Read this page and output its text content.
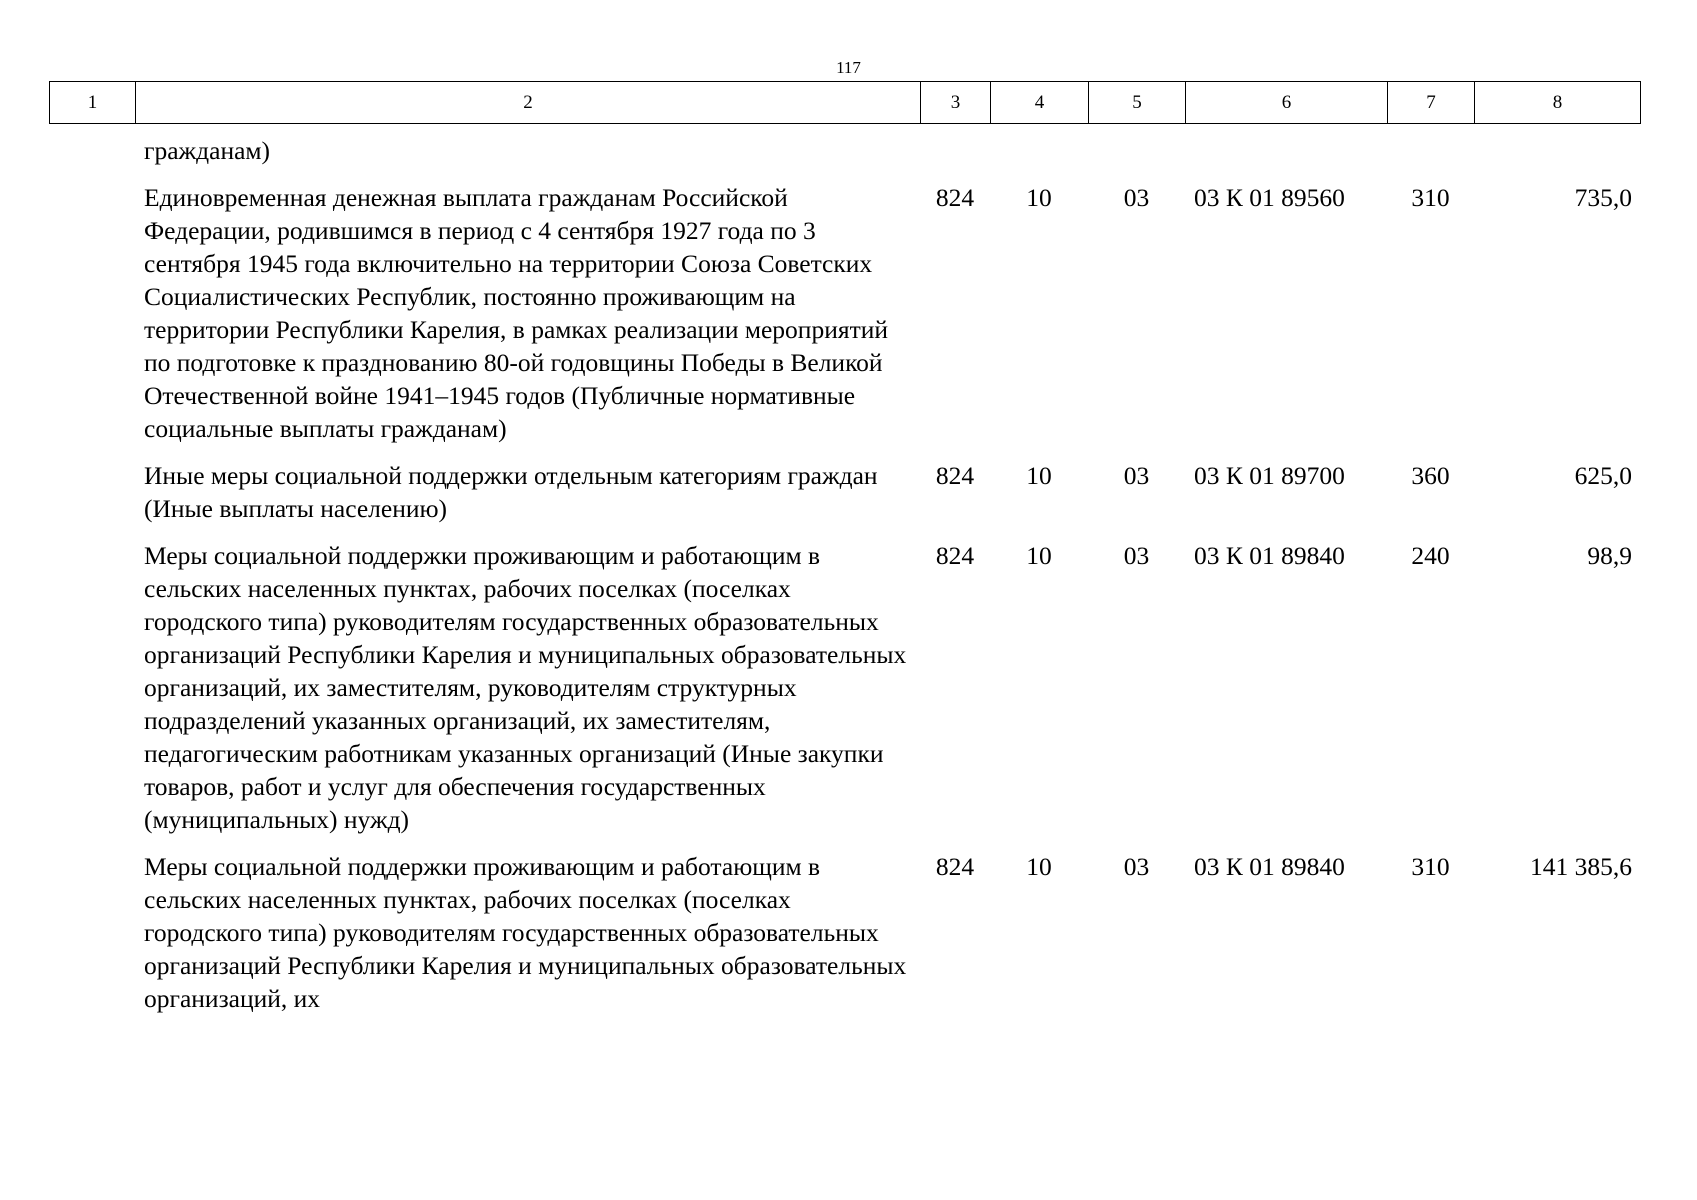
117
1	2	3	4	5	6	7	8
	гражданам)						
	Единовременная денежная выплата гражданам Российской Федерации, родившимся в период с 4 сентября 1927 года по 3 сентября 1945 года включительно на территории Союза Советских Социалистических Республик, постоянно проживающим на территории Республики Карелия, в рамках реализации мероприятий по подготовке к празднованию 80-ой годовщины Победы в Великой Отечественной войне 1941–1945 годов (Публичные нормативные социальные выплаты гражданам)	824	10	03	03 К 01 89560	310	735,0
	Иные меры социальной поддержки отдельным категориям граждан (Иные выплаты населению)	824	10	03	03 К 01 89700	360	625,0
	Меры социальной поддержки проживающим и работающим в сельских населенных пунктах, рабочих поселках (поселках городского типа) руководителям государственных образовательных организаций Республики Карелия и муниципальных образовательных организаций, их заместителям, руководителям структурных подразделений указанных организаций, их заместителям, педагогическим работникам указанных организаций (Иные закупки товаров, работ и услуг для обеспечения государственных (муниципальных) нужд)	824	10	03	03 К 01 89840	240	98,9
	Меры социальной поддержки проживающим и работающим в сельских населенных пунктах, рабочих поселках (поселках городского типа) руководителям государственных образовательных организаций Республики Карелия и муниципальных образовательных организаций, их	824	10	03	03 К 01 89840	310	141 385,6
